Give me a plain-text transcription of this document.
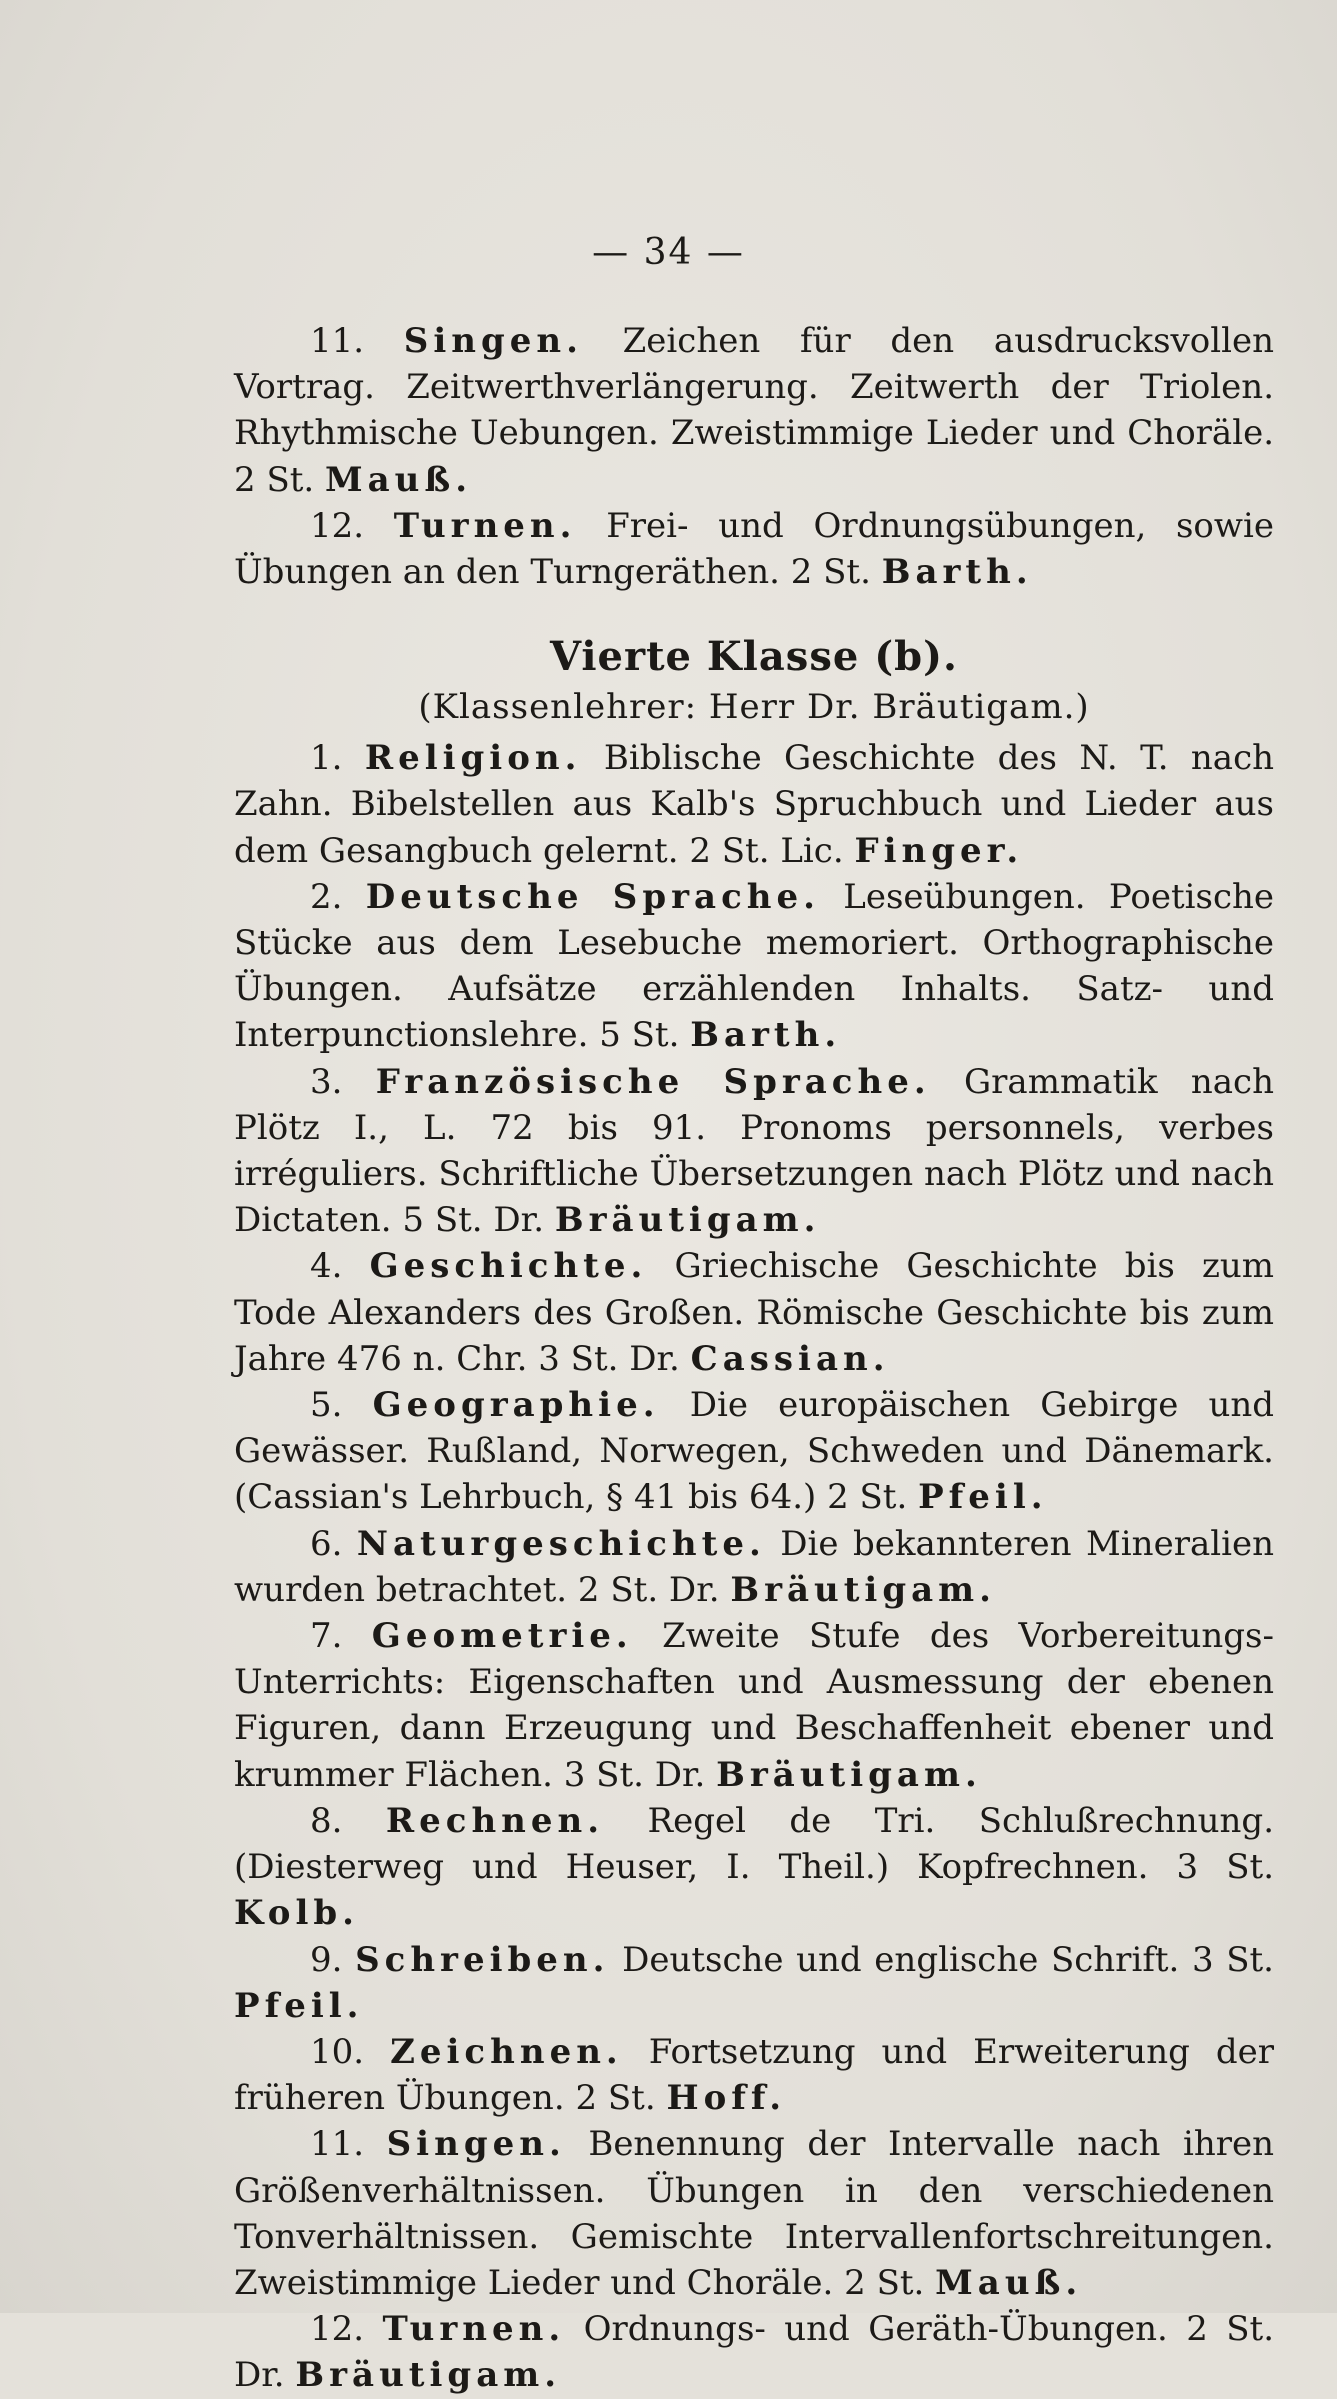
— 34 —

11. Singen. Zeichen für den ausdrucksvollen Vortrag. Zeitwerthverlängerung. Zeitwerth der Triolen. Rhythmische Uebungen. Zweistimmige Lieder und Choräle. 2 St. Mauß.

12. Turnen. Frei- und Ordnungsübungen, sowie Übungen an den Turngeräthen. 2 St. Barth.

Vierte Klasse (b).
(Klassenlehrer: Herr Dr. Bräutigam.)

1. Religion. Biblische Geschichte des N. T. nach Zahn. Bibelstellen aus Kalb's Spruchbuch und Lieder aus dem Gesangbuch gelernt. 2 St. Lic. Finger.

2. Deutsche Sprache. Leseübungen. Poetische Stücke aus dem Lesebuche memoriert. Orthographische Übungen. Aufsätze erzählenden Inhalts. Satz- und Interpunctionslehre. 5 St. Barth.

3. Französische Sprache. Grammatik nach Plötz I., L. 72 bis 91. Pronoms personnels, verbes irréguliers. Schriftliche Übersetzungen nach Plötz und nach Dictaten. 5 St. Dr. Bräutigam.

4. Geschichte. Griechische Geschichte bis zum Tode Alexanders des Großen. Römische Geschichte bis zum Jahre 476 n. Chr. 3 St. Dr. Cassian.

5. Geographie. Die europäischen Gebirge und Gewässer. Rußland, Norwegen, Schweden und Dänemark. (Cassian's Lehrbuch, § 41 bis 64.) 2 St. Pfeil.

6. Naturgeschichte. Die bekannteren Mineralien wurden betrachtet. 2 St. Dr. Bräutigam.

7. Geometrie. Zweite Stufe des Vorbereitungs-Unterrichts: Eigenschaften und Ausmessung der ebenen Figuren, dann Erzeugung und Beschaffenheit ebener und krummer Flächen. 3 St. Dr. Bräutigam.

8. Rechnen. Regel de Tri. Schlußrechnung. (Diesterweg und Heuser, I. Theil.) Kopfrechnen. 3 St. Kolb.

9. Schreiben. Deutsche und englische Schrift. 3 St. Pfeil.

10. Zeichnen. Fortsetzung und Erweiterung der früheren Übungen. 2 St. Hoff.

11. Singen. Benennung der Intervalle nach ihren Größenverhältnissen. Übungen in den verschiedenen Tonverhältnissen. Gemischte Intervallenfortschreitungen. Zweistimmige Lieder und Choräle. 2 St. Mauß.

12. Turnen. Ordnungs- und Geräth-Übungen. 2 St. Dr. Bräutigam.
